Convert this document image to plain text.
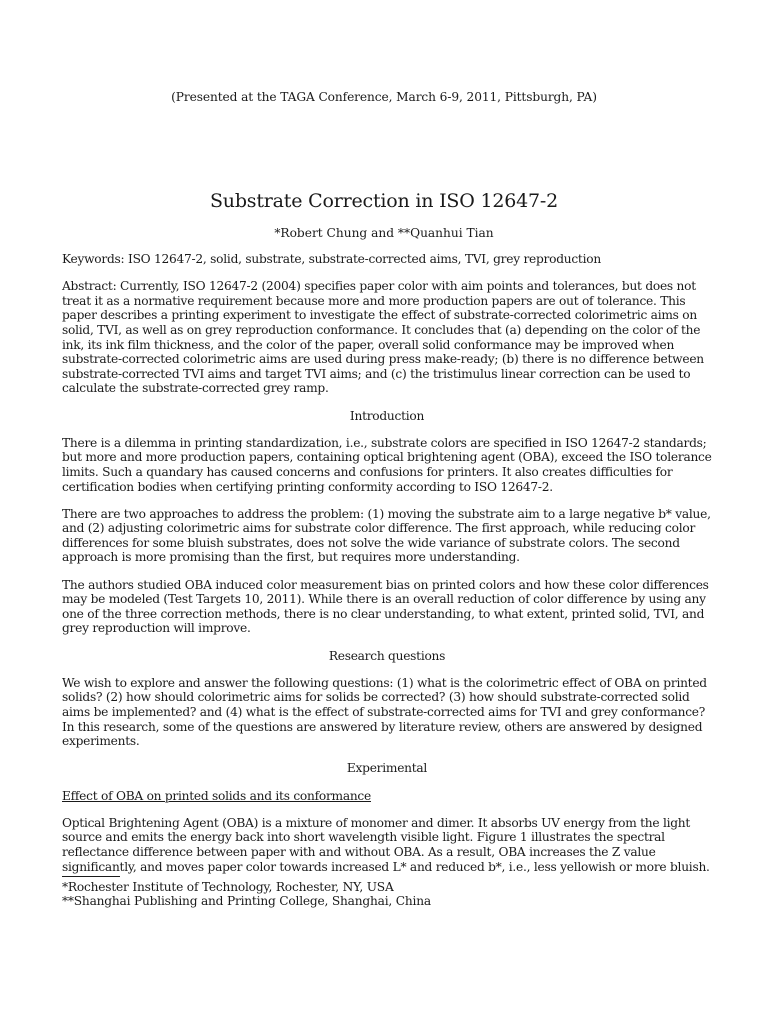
(Presented at the TAGA Conference, March 6-9, 2011, Pittsburgh, PA)
Substrate Correction in ISO 12647-2
*Robert Chung and **Quanhui Tian

Keywords: ISO 12647-2, solid, substrate, substrate-corrected aims, TVI, grey reproduction

Abstract: Currently, ISO 12647-2 (2004) specifies paper color with aim points and tolerances, but does not treat it as a normative requirement because more and more production papers are out of tolerance. This paper describes a printing experiment to investigate the effect of substrate-corrected colorimetric aims on solid, TVI, as well as on grey reproduction conformance. It concludes that (a) depending on the color of the ink, its ink film thickness, and the color of the paper, overall solid conformance may be improved when substrate-corrected colorimetric aims are used during press make-ready; (b) there is no difference between substrate-corrected TVI aims and target TVI aims; and (c) the tristimulus linear correction can be used to calculate the substrate-corrected grey ramp.

Introduction

There is a dilemma in printing standardization, i.e., substrate colors are specified in ISO 12647-2 standards; but more and more production papers, containing optical brightening agent (OBA), exceed the ISO tolerance limits. Such a quandary has caused concerns and confusions for printers. It also creates difficulties for certification bodies when certifying printing conformity according to ISO 12647-2.

There are two approaches to address the problem: (1) moving the substrate aim to a large negative b* value, and (2) adjusting colorimetric aims for substrate color difference. The first approach, while reducing color differences for some bluish substrates, does not solve the wide variance of substrate colors. The second approach is more promising than the first, but requires more understanding.

The authors studied OBA induced color measurement bias on printed colors and how these color differences may be modeled (Test Targets 10, 2011). While there is an overall reduction of color difference by using any one of the three correction methods, there is no clear understanding, to what extent, printed solid, TVI, and grey reproduction will improve.

Research questions

We wish to explore and answer the following questions: (1) what is the colorimetric effect of OBA on printed solids? (2) how should colorimetric aims for solids be corrected? (3) how should substrate-corrected solid aims be implemented? and (4) what is the effect of substrate-corrected aims for TVI and grey conformance? In this research, some of the questions are answered by literature review, others are answered by designed experiments.

Experimental
Effect of OBA on printed solids and its conformance

Optical Brightening Agent (OBA) is a mixture of monomer and dimer. It absorbs UV energy from the light source and emits the energy back into short wavelength visible light. Figure 1 illustrates the spectral reflectance difference between paper with and without OBA. As a result, OBA increases the Z value significantly, and moves paper color towards increased L* and reduced b*, i.e., less yellowish or more bluish.

*Rochester Institute of Technology, Rochester, NY, USA
**Shanghai Publishing and Printing College, Shanghai, China
